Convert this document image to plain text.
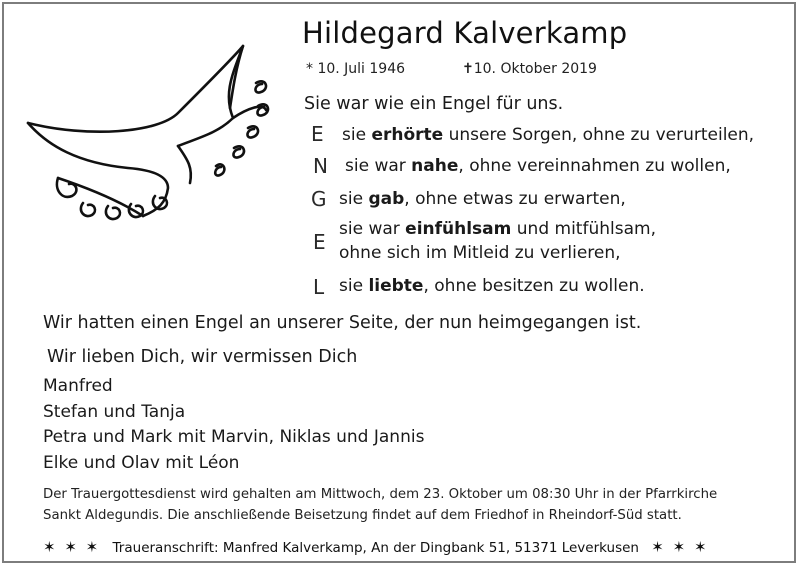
Hildegard Kalverkamp
* 10. Juli 1946	✝10. Oktober 2019
Sie war wie ein Engel für uns.
E sie erhörte unsere Sorgen, ohne zu verurteilen,
N sie war nahe, ohne vereinnahmen zu wollen,
G sie gab, ohne etwas zu erwarten,
E
sie war einfühlsam und mitfühlsam,
ohne sich im Mitleid zu verlieren,
L sie liebte, ohne besitzen zu wollen.
Wir hatten einen Engel an unserer Seite, der nun heimgegangen ist.
Wir lieben Dich, wir vermissen Dich
Manfred
Stefan und Tanja
Petra und Mark mit Marvin, Niklas und Jannis
Elke und Olav mit Léon
Der Trauergottesdienst wird gehalten am Mittwoch, dem 23. Oktober um 08:30 Uhr in der Pfarrkirche
Sankt Aldegundis. Die anschließende Beisetzung findet auf dem Friedhof in Rheindorf-Süd statt.
✶ ✶ ✶ Traueranschrift: Manfred Kalverkamp, An der Dingbank 51, 51371 Leverkusen ✶ ✶ ✶
